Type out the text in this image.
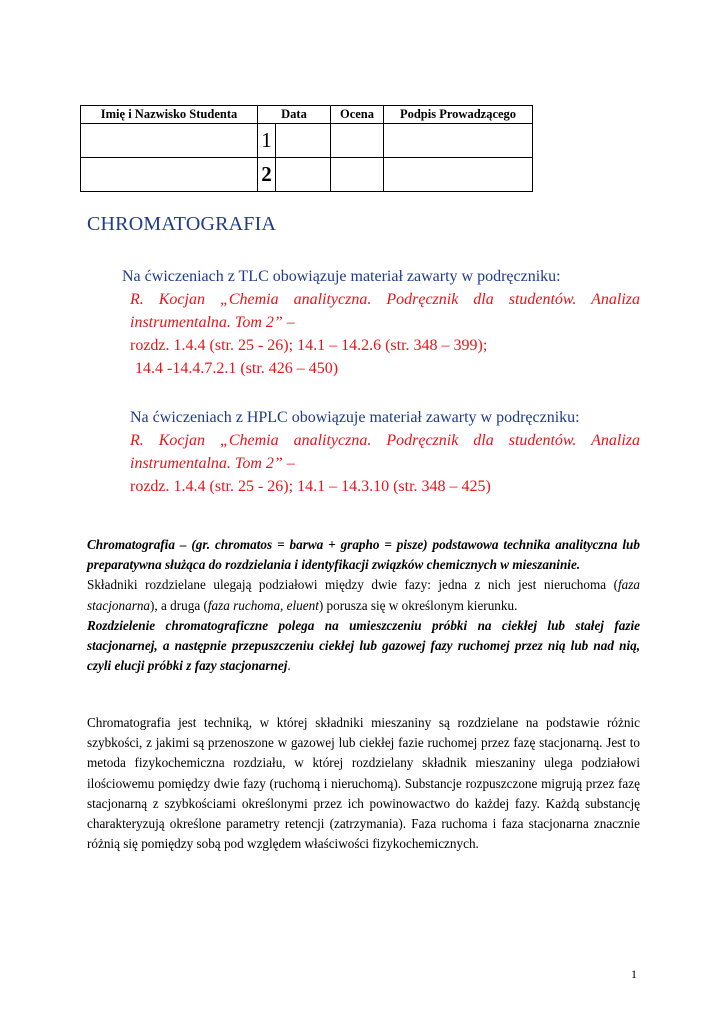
Imię i Nazwisko Studenta	Data		Ocena	Podpis Prowadzącego
	1			
	2			
CHROMATOGRAFIA
Na ćwiczeniach z TLC obowiązuje materiał zawarty w podręczniku:
R. Kocjan „Chemia analityczna. Podręcznik dla studentów. Analiza
instrumentalna. Tom 2” –
rozdz. 1.4.4 (str. 25 - 26); 14.1 – 14.2.6 (str. 348 – 399);
14.4 -14.4.7.2.1 (str. 426 – 450)
Na ćwiczeniach z HPLC obowiązuje materiał zawarty w podręczniku:
R. Kocjan „Chemia analityczna. Podręcznik dla studentów. Analiza
instrumentalna. Tom 2” –
rozdz. 1.4.4 (str. 25 - 26); 14.1 – 14.3.10 (str. 348 – 425)

Chromatografia – (gr. chromatos = barwa + grapho = pisze) podstawowa technika analityczna lub preparatywna służąca do rozdzielania i identyfikacji związków chemicznych w mieszaninie.

Składniki rozdzielane ulegają podziałowi między dwie fazy: jedna z nich jest nieruchoma (faza stacjonarna), a druga (faza ruchoma, eluent) porusza się w określonym kierunku.

Rozdzielenie chromatograficzne polega na umieszczeniu próbki na ciekłej lub stałej fazie stacjonarnej, a następnie przepuszczeniu ciekłej lub gazowej fazy ruchomej przez nią lub nad nią, czyli elucji próbki z fazy stacjonarnej.

Chromatografia jest techniką, w której składniki mieszaniny są rozdzielane na podstawie różnic szybkości, z jakimi są przenoszone w gazowej lub ciekłej fazie ruchomej przez fazę stacjonarną. Jest to metoda fizykochemiczna rozdziału, w której rozdzielany składnik mieszaniny ulega podziałowi ilościowemu pomiędzy dwie fazy (ruchomą i nieruchomą). Substancje rozpuszczone migrują przez fazę stacjonarną z szybkościami określonymi przez ich powinowactwo do każdej fazy. Każdą substancję charakteryzują określone parametry retencji (zatrzymania). Faza ruchoma i faza stacjonarna znacznie różnią się pomiędzy sobą pod względem właściwości fizykochemicznych.

1
